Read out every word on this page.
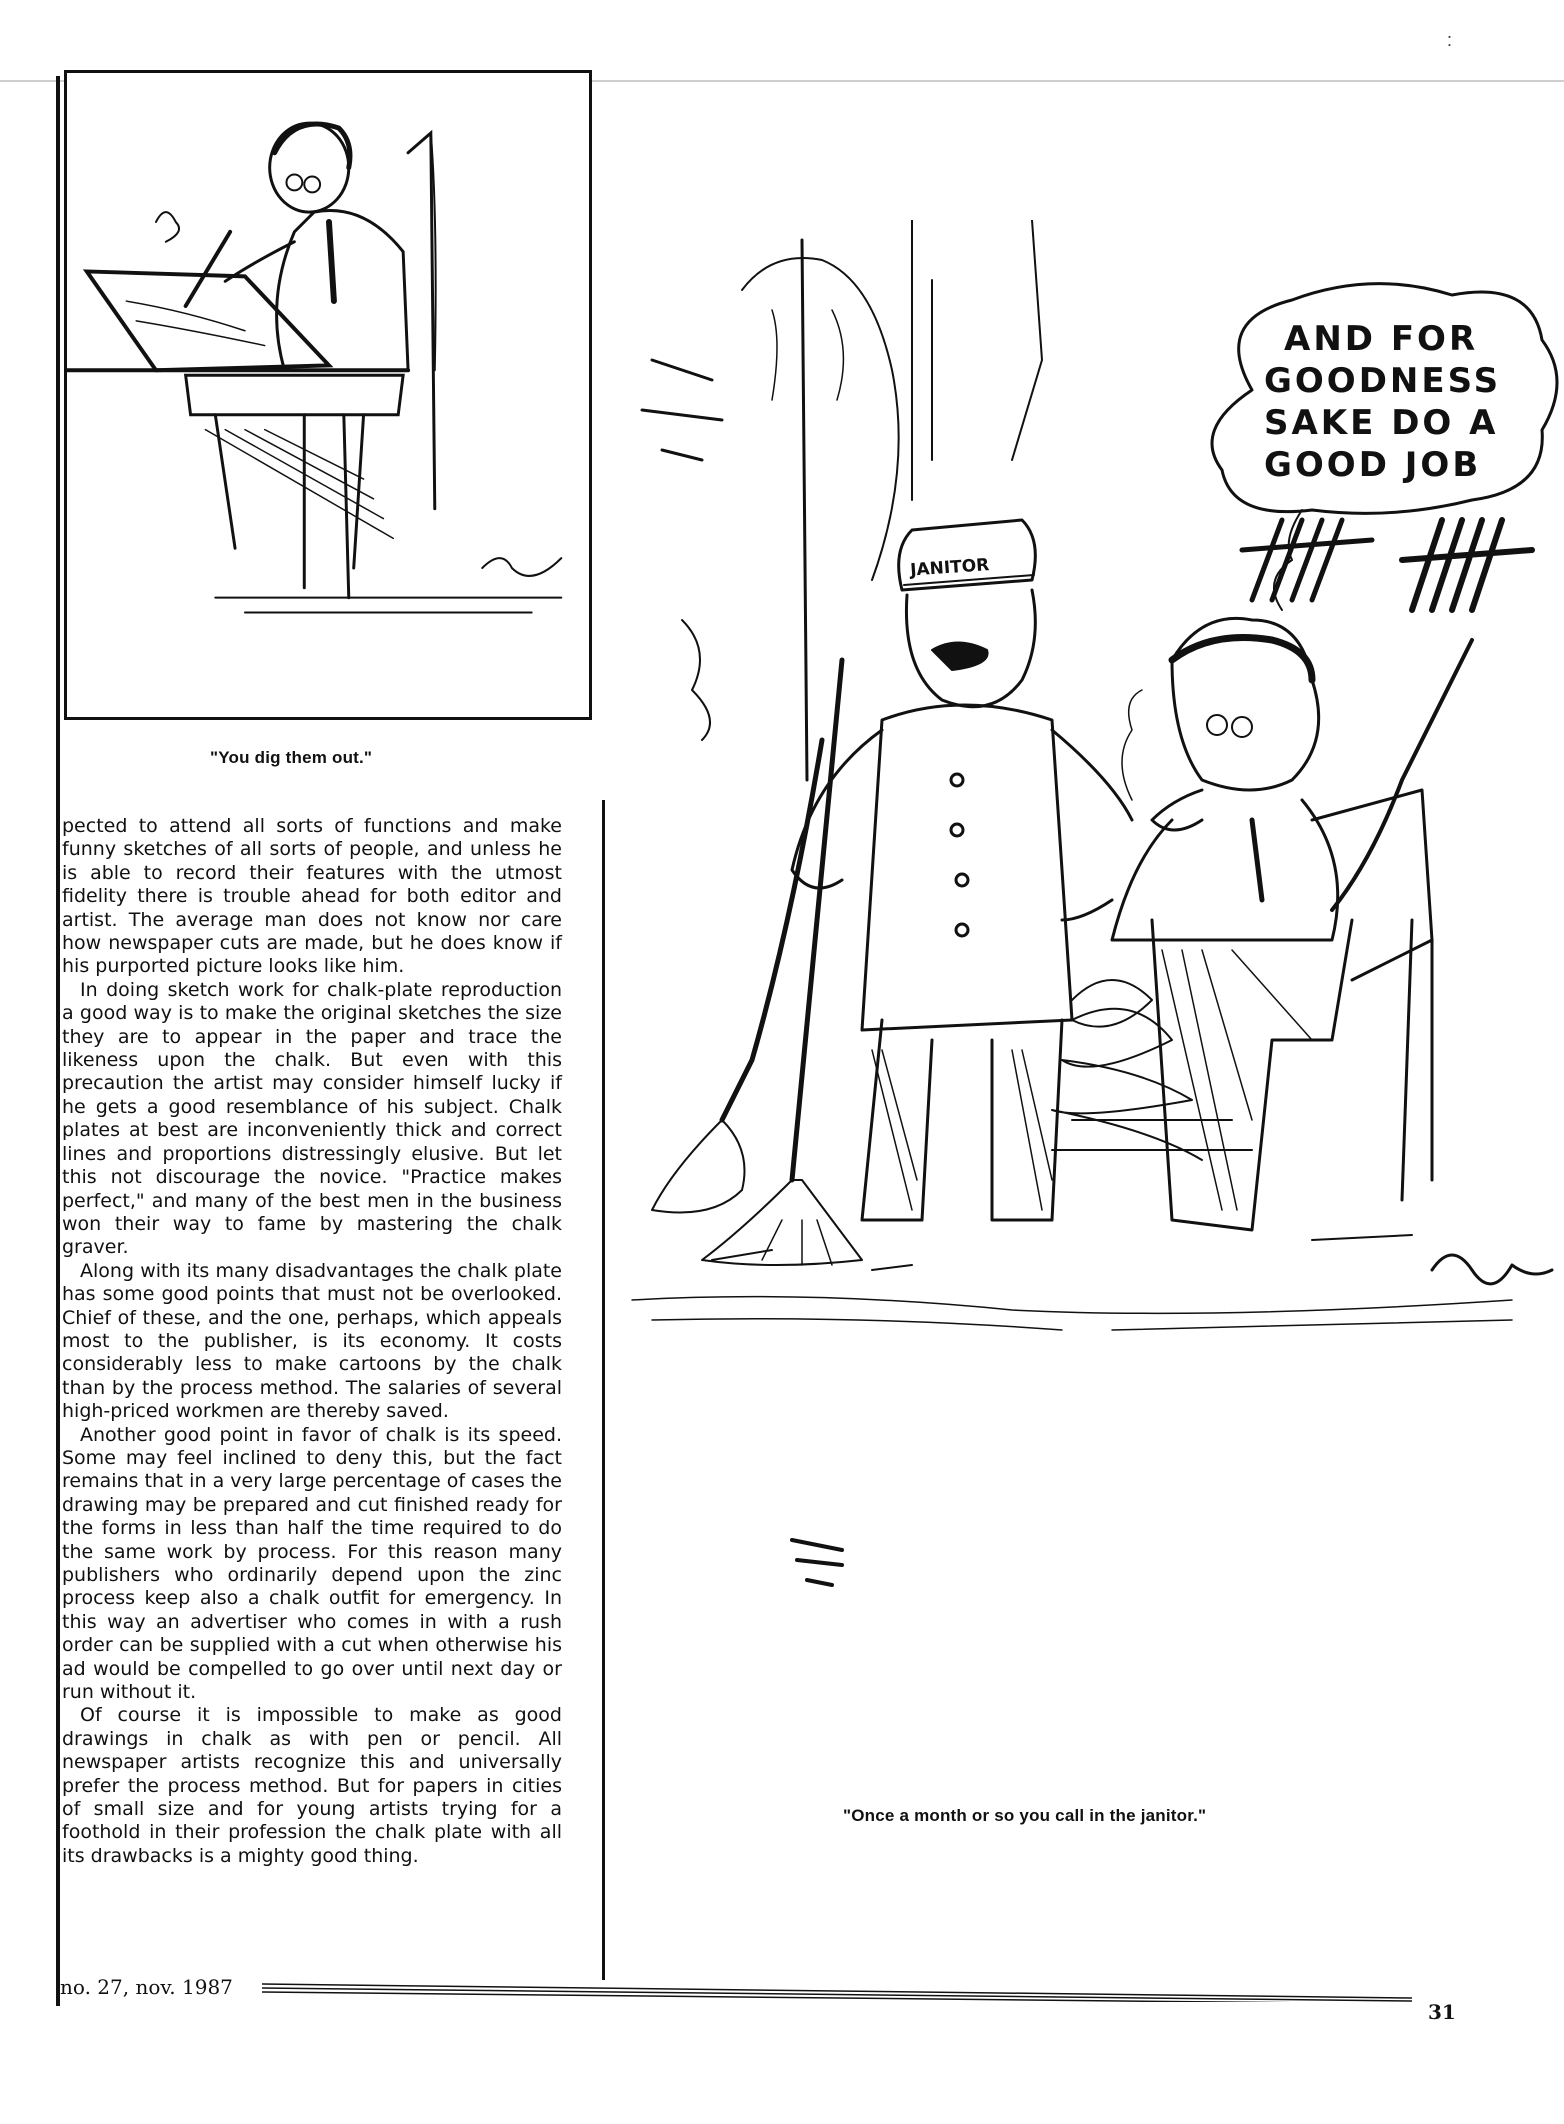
:
"You dig them out."

pected to attend all sorts of functions and make funny sketches of all sorts of people, and unless he is able to record their features with the utmost fidelity there is trouble ahead for both editor and artist. The average man does not know nor care how newspaper cuts are made, but he does know if his purported picture looks like him.

In doing sketch work for chalk-plate reproduction a good way is to make the original sketches the size they are to appear in the paper and trace the likeness upon the chalk. But even with this precaution the artist may consider himself lucky if he gets a good resemblance of his subject. Chalk plates at best are inconveniently thick and correct lines and proportions distressingly elusive. But let this not discourage the novice. "Practice makes perfect," and many of the best men in the business won their way to fame by mastering the chalk graver.

Along with its many disadvantages the chalk plate has some good points that must not be overlooked. Chief of these, and the one, perhaps, which appeals most to the publisher, is its economy. It costs considerably less to make cartoons by the chalk than by the process method. The salaries of several high-priced workmen are thereby saved.

Another good point in favor of chalk is its speed. Some may feel inclined to deny this, but the fact remains that in a very large percentage of cases the drawing may be prepared and cut finished ready for the forms in less than half the time required to do the same work by process. For this reason many publishers who ordinarily depend upon the zinc process keep also a chalk outfit for emergency. In this way an advertiser who comes in with a rush order can be supplied with a cut when otherwise his ad would be compelled to go over until next day or run without it.

Of course it is impossible to make as good drawings in chalk as with pen or pencil. All newspaper artists recognize this and universally prefer the process method. But for papers in cities of small size and for young artists trying for a foothold in their profession the chalk plate with all its drawbacks is a mighty good thing.

AND FOR
GOODNESS
SAKE DO A
GOOD JOB
JANITOR
"Once a month or so you call in the janitor."
no. 27, nov. 1987
31
